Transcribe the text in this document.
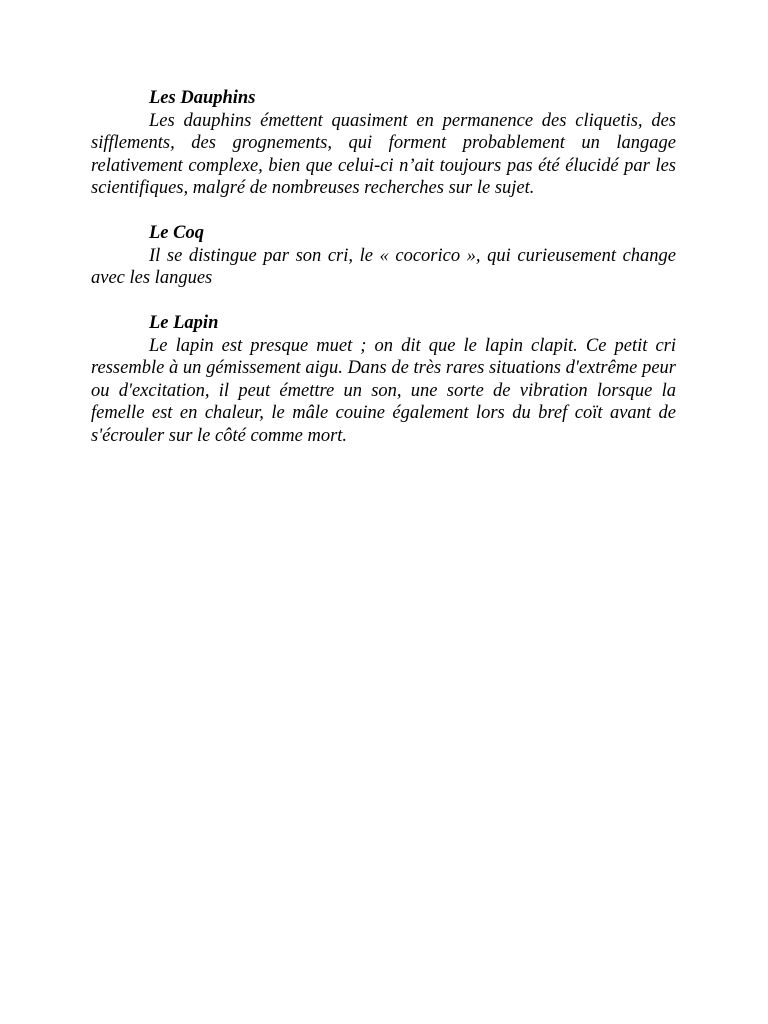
Les Dauphins

Les dauphins émettent quasiment en permanence des cliquetis, des sifflements, des grognements, qui forment probablement un langage relativement complexe, bien que celui-ci n’ait toujours pas été élucidé par les scientifiques, malgré de nombreuses recherches sur le sujet.

Le Coq

Il se distingue par son cri, le « cocorico », qui curieusement change avec les langues

Le Lapin

Le lapin est presque muet ; on dit que le lapin clapit. Ce petit cri ressemble à un gémissement aigu. Dans de très rares situations d'extrême peur ou d'excitation, il peut émettre un son, une sorte de vibration lorsque la femelle est en chaleur, le mâle couine également lors du bref coït avant de s'écrouler sur le côté comme mort.
